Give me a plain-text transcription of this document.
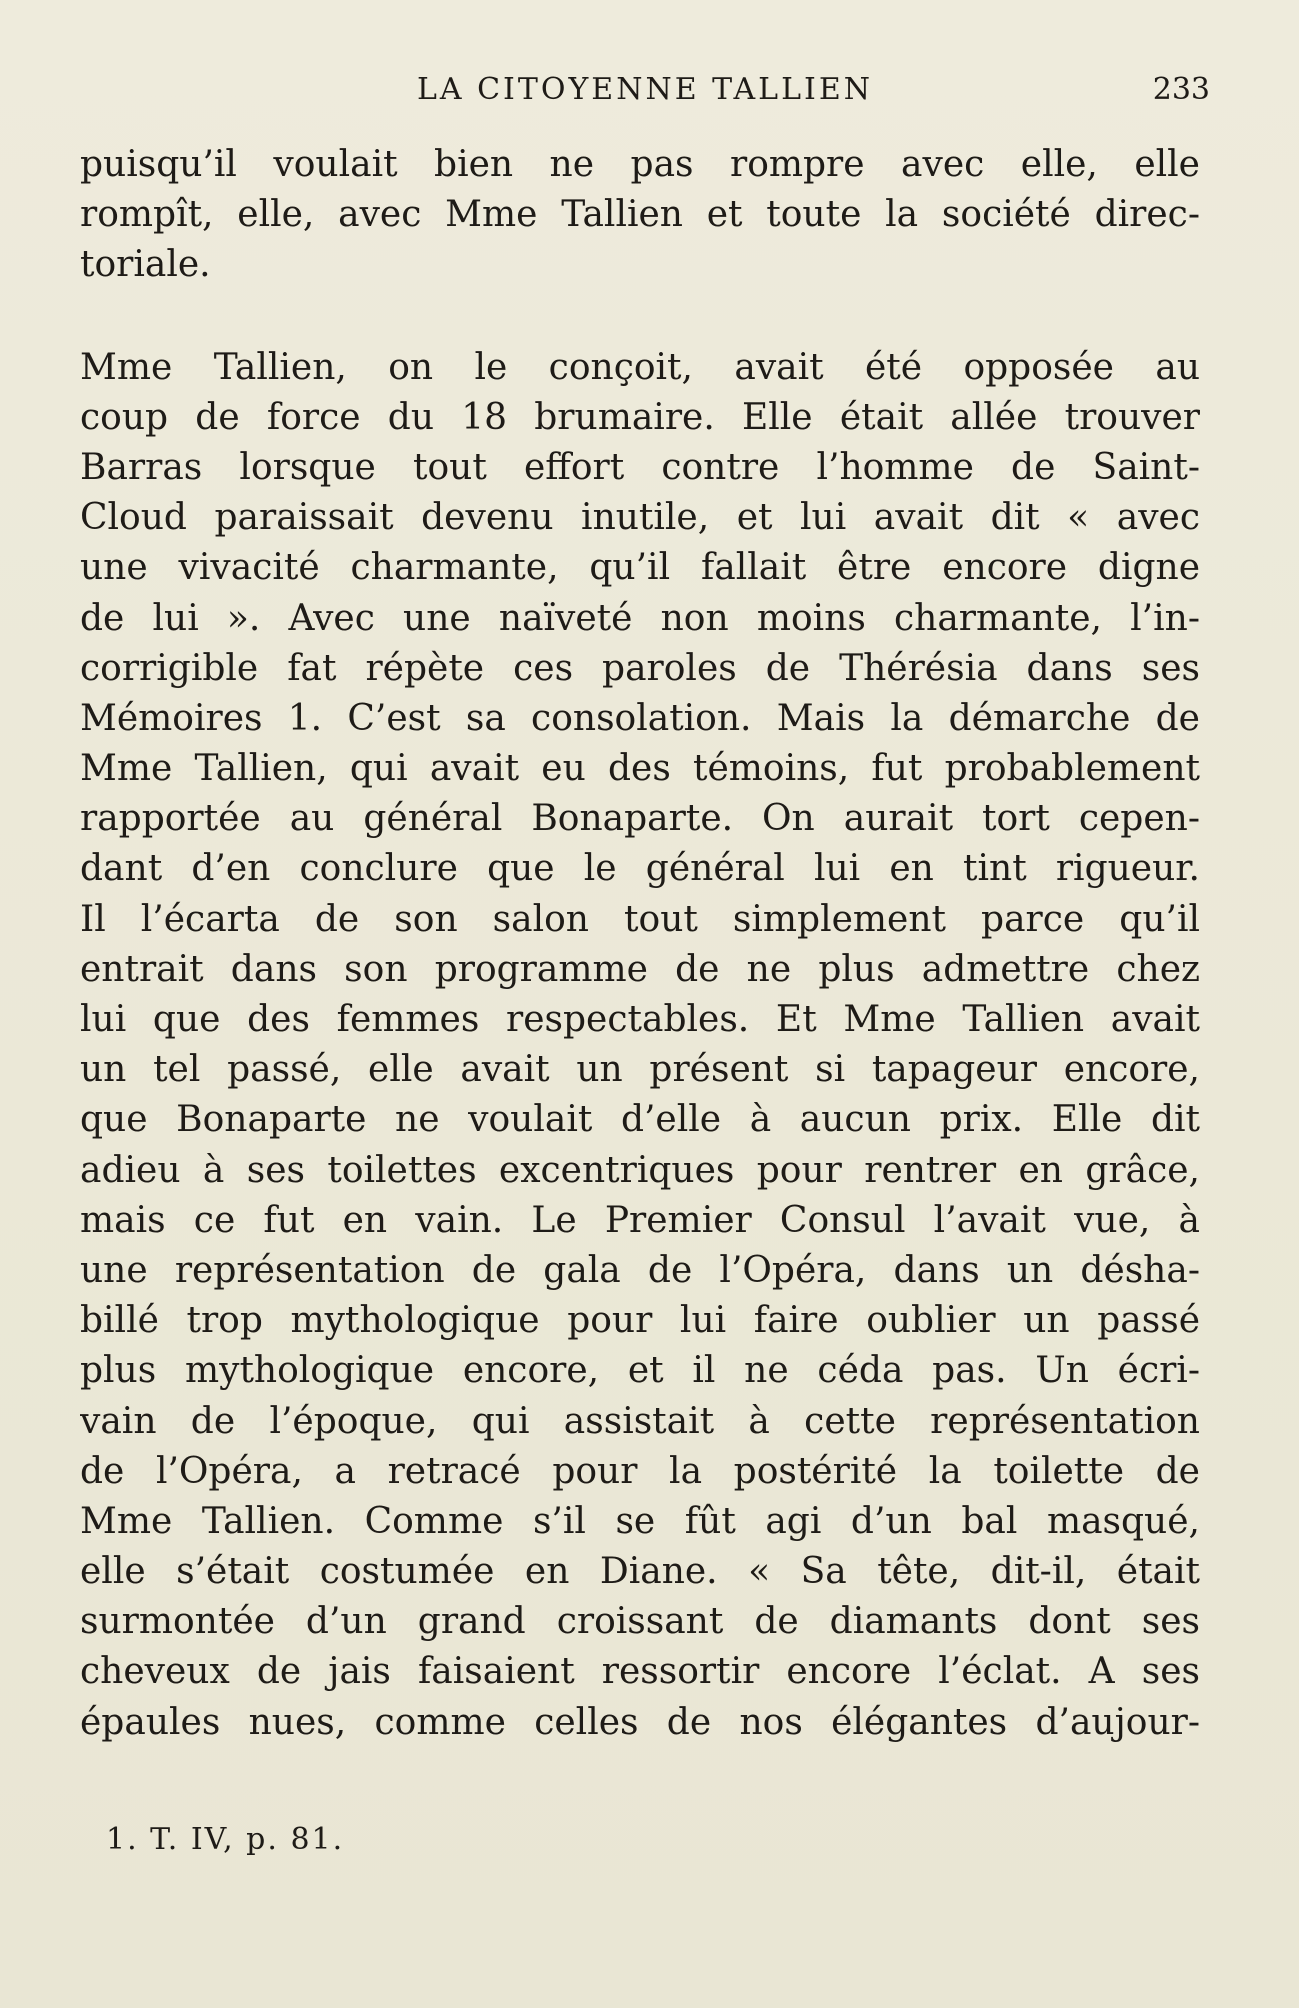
LA CITOYENNE TALLIEN	233

puisqu’il voulait bien ne pas rompre avec elle, elle
rompît, elle, avec Mme Tallien et toute la société direc-
toriale.

Mme Tallien, on le conçoit, avait été opposée au
coup de force du 18 brumaire. Elle était allée trouver
Barras lorsque tout effort contre l’homme de Saint-
Cloud paraissait devenu inutile, et lui avait dit « avec
une vivacité charmante, qu’il fallait être encore digne
de lui ». Avec une naïveté non moins charmante, l’in-
corrigible fat répète ces paroles de Thérésia dans ses
Mémoires 1. C’est sa consolation. Mais la démarche de
Mme Tallien, qui avait eu des témoins, fut probablement
rapportée au général Bonaparte. On aurait tort cepen-
dant d’en conclure que le général lui en tint rigueur.
Il l’écarta de son salon tout simplement parce qu’il
entrait dans son programme de ne plus admettre chez
lui que des femmes respectables. Et Mme Tallien avait
un tel passé, elle avait un présent si tapageur encore,
que Bonaparte ne voulait d’elle à aucun prix. Elle dit
adieu à ses toilettes excentriques pour rentrer en grâce,
mais ce fut en vain. Le Premier Consul l’avait vue, à
une représentation de gala de l’Opéra, dans un désha-
billé trop mythologique pour lui faire oublier un passé
plus mythologique encore, et il ne céda pas. Un écri-
vain de l’époque, qui assistait à cette représentation
de l’Opéra, a retracé pour la postérité la toilette de
Mme Tallien. Comme s’il se fût agi d’un bal masqué,
elle s’était costumée en Diane. « Sa tête, dit-il, était
surmontée d’un grand croissant de diamants dont ses
cheveux de jais faisaient ressortir encore l’éclat. A ses
épaules nues, comme celles de nos élégantes d’aujour-

1. T. IV, p. 81.
